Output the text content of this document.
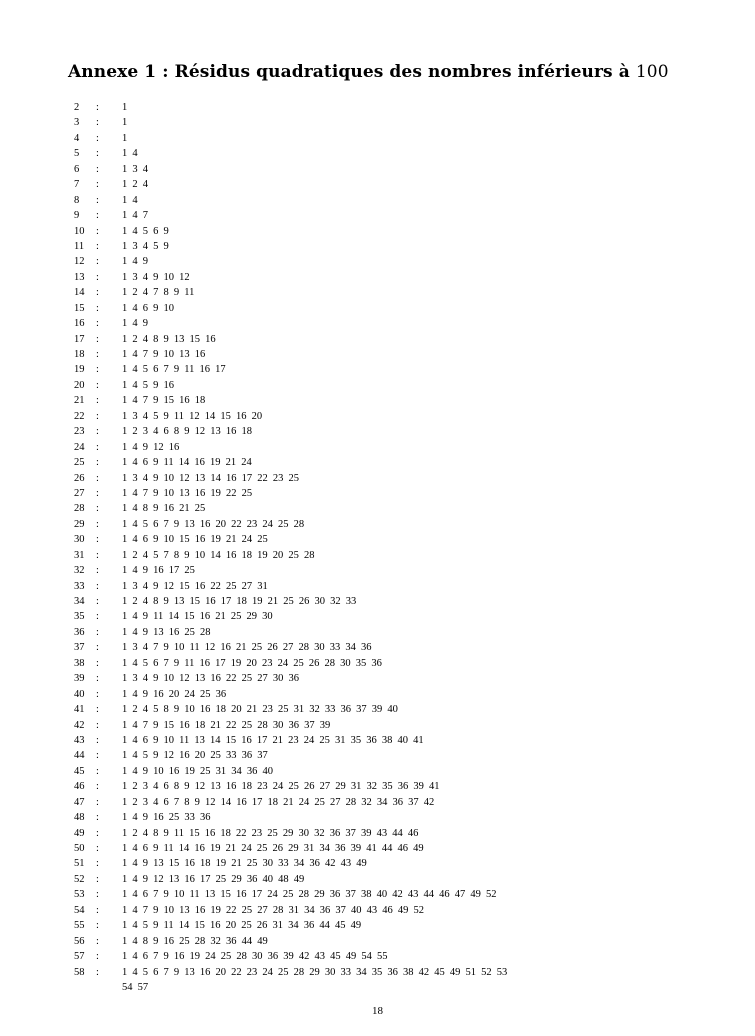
Annexe 1 : Résidus quadratiques des nombres inférieurs à 100
2	: 1
3	: 1
4	: 1
5	: 1 4
6	: 1 3 4
7	: 1 2 4
8	: 1 4
9	: 1 4 7
10	: 1 4 5 6 9
11	: 1 3 4 5 9
12	: 1 4 9
13	: 1 3 4 9 10 12
14	: 1 2 4 7 8 9 11
15	: 1 4 6 9 10
16	: 1 4 9
17	: 1 2 4 8 9 13 15 16
18	: 1 4 7 9 10 13 16
19	: 1 4 5 6 7 9 11 16 17
20	: 1 4 5 9 16
21	: 1 4 7 9 15 16 18
22	: 1 3 4 5 9 11 12 14 15 16 20
23	: 1 2 3 4 6 8 9 12 13 16 18
24	: 1 4 9 12 16
25	: 1 4 6 9 11 14 16 19 21 24
26	: 1 3 4 9 10 12 13 14 16 17 22 23 25
27	: 1 4 7 9 10 13 16 19 22 25
28	: 1 4 8 9 16 21 25
29	: 1 4 5 6 7 9 13 16 20 22 23 24 25 28
30	: 1 4 6 9 10 15 16 19 21 24 25
31	: 1 2 4 5 7 8 9 10 14 16 18 19 20 25 28
32	: 1 4 9 16 17 25
33	: 1 3 4 9 12 15 16 22 25 27 31
34	: 1 2 4 8 9 13 15 16 17 18 19 21 25 26 30 32 33
35	: 1 4 9 11 14 15 16 21 25 29 30
36	: 1 4 9 13 16 25 28
37	: 1 3 4 7 9 10 11 12 16 21 25 26 27 28 30 33 34 36
38	: 1 4 5 6 7 9 11 16 17 19 20 23 24 25 26 28 30 35 36
39	: 1 3 4 9 10 12 13 16 22 25 27 30 36
40	: 1 4 9 16 20 24 25 36
41	: 1 2 4 5 8 9 10 16 18 20 21 23 25 31 32 33 36 37 39 40
42	: 1 4 7 9 15 16 18 21 22 25 28 30 36 37 39
43	: 1 4 6 9 10 11 13 14 15 16 17 21 23 24 25 31 35 36 38 40 41
44	: 1 4 5 9 12 16 20 25 33 36 37
45	: 1 4 9 10 16 19 25 31 34 36 40
46	: 1 2 3 4 6 8 9 12 13 16 18 23 24 25 26 27 29 31 32 35 36 39 41
47	: 1 2 3 4 6 7 8 9 12 14 16 17 18 21 24 25 27 28 32 34 36 37 42
48	: 1 4 9 16 25 33 36
49	: 1 2 4 8 9 11 15 16 18 22 23 25 29 30 32 36 37 39 43 44 46
50	: 1 4 6 9 11 14 16 19 21 24 25 26 29 31 34 36 39 41 44 46 49
51	: 1 4 9 13 15 16 18 19 21 25 30 33 34 36 42 43 49
52	: 1 4 9 12 13 16 17 25 29 36 40 48 49
53	: 1 4 6 7 9 10 11 13 15 16 17 24 25 28 29 36 37 38 40 42 43 44 46 47 49 52
54	: 1 4 7 9 10 13 16 19 22 25 27 28 31 34 36 37 40 43 46 49 52
55	: 1 4 5 9 11 14 15 16 20 25 26 31 34 36 44 45 49
56	: 1 4 8 9 16 25 28 32 36 44 49
57	: 1 4 6 7 9 16 19 24 25 28 30 36 39 42 43 45 49 54 55
58	: 1 4 5 6 7 9 13 16 20 22 23 24 25 28 29 30 33 34 35 36 38 42 45 49 51 52 53
54 57
18
